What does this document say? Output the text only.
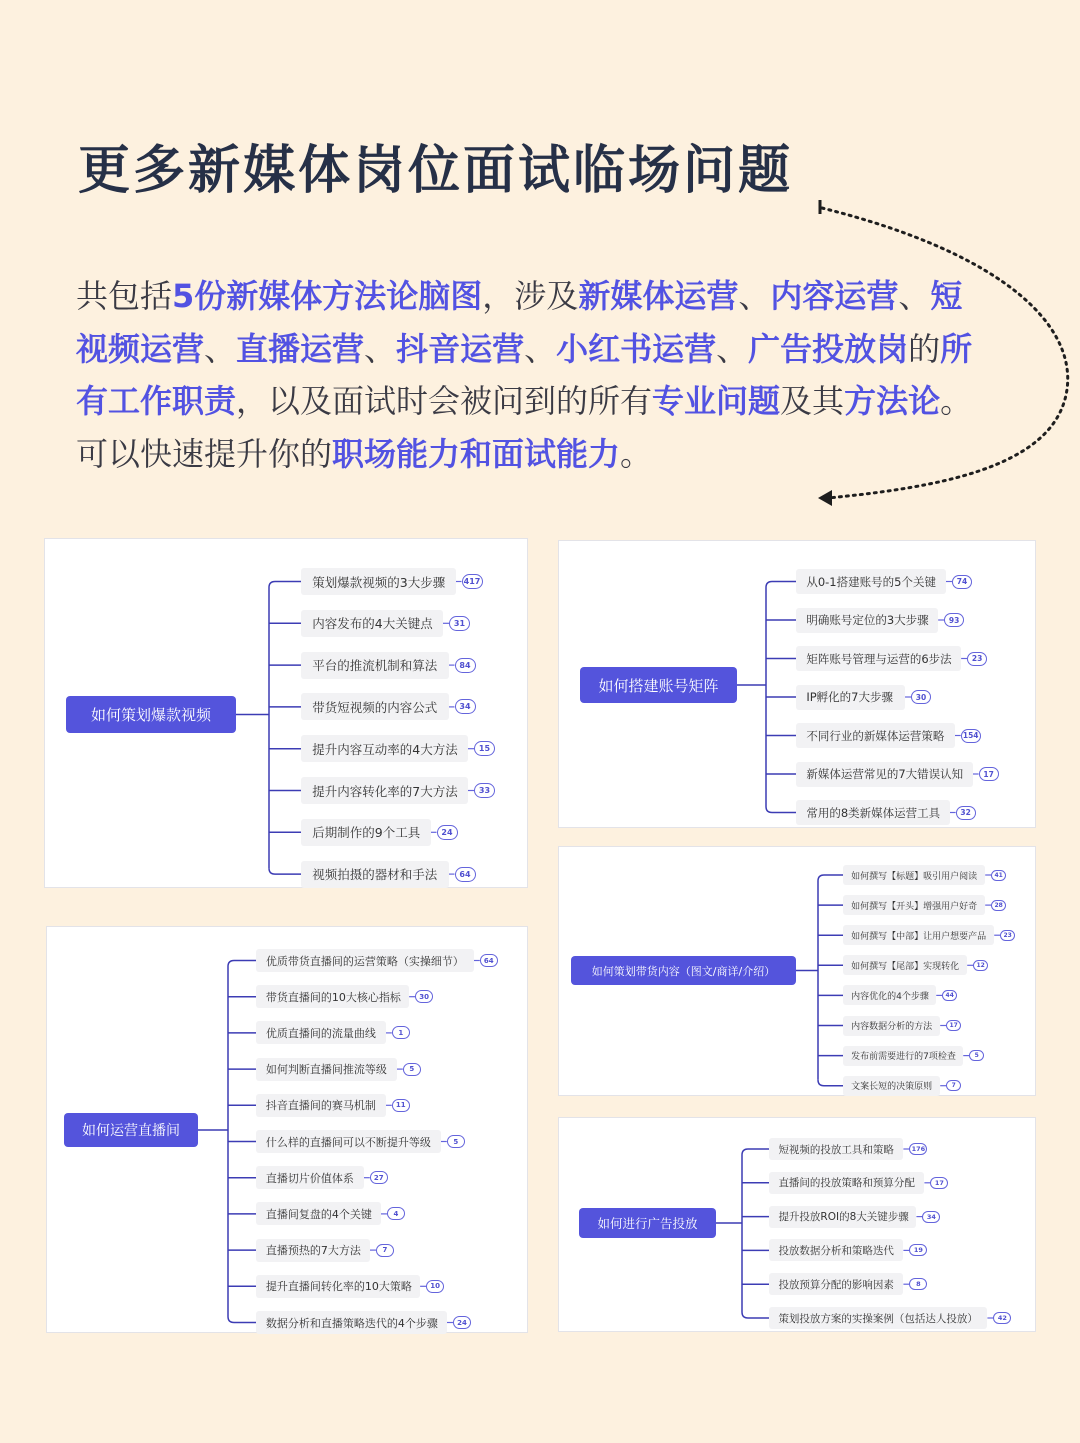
更多新媒体岗位面试临场问题

共包括5份新媒体方法论脑图，涉及新媒体运营、内容运营、短视频运营、直播运营、抖音运营、小红书运营、广告投放岗的所有工作职责，以及面试时会被问到的所有专业问题及其方法论。可以快速提升你的职场能力和面试能力。

如何策划爆款视频
策划爆款视频的3大步骤	417
内容发布的4大关键点	31
平台的推流机制和算法	84
带货短视频的内容公式	34
提升内容互动率的4大方法	15
提升内容转化率的7大方法	33
后期制作的9个工具	24
视频拍摄的器材和手法	64
如何搭建账号矩阵
从0-1搭建账号的5个关键	74
明确账号定位的3大步骤	93
矩阵账号管理与运营的6步法	23
IP孵化的7大步骤	30
不同行业的新媒体运营策略	154
新媒体运营常见的7大错误认知	17
常用的8类新媒体运营工具	32
如何运营直播间
优质带货直播间的运营策略（实操细节）	64
带货直播间的10大核心指标	30
优质直播间的流量曲线	1
如何判断直播间推流等级	5
抖音直播间的赛马机制	11
什么样的直播间可以不断提升等级	5
直播切片价值体系	27
直播间复盘的4个关键	4
直播预热的7大方法	7
提升直播间转化率的10大策略	10
数据分析和直播策略迭代的4个步骤	24
如何策划带货内容（图文/商详/介绍）
如何撰写【标题】吸引用户阅读	41
如何撰写【开头】增强用户好奇	28
如何撰写【中部】让用户想要产品	23
如何撰写【尾部】实现转化	12
内容优化的4个步骤	44
内容数据分析的方法	17
发布前需要进行的7项检查	5
文案长短的决策原则	7
如何进行广告投放
短视频的投放工具和策略	176
直播间的投放策略和预算分配	17
提升投放ROI的8大关键步骤	34
投放数据分析和策略迭代	19
投放预算分配的影响因素	8
策划投放方案的实操案例（包括达人投放）	42
